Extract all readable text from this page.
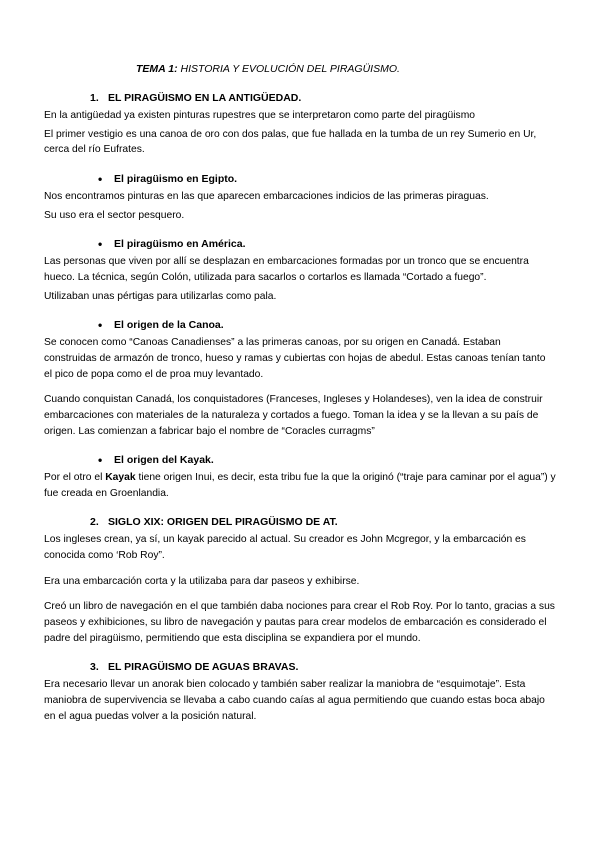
TEMA 1: HISTORIA Y EVOLUCIÓN DEL PIRAGÜISMO.
1. EL PIRAGÜISMO EN LA ANTIGÜEDAD.

En la antigüedad ya existen pinturas rupestres que se interpretaron como parte del piragüismo

El primer vestigio es una canoa de oro con dos palas, que fue hallada en la tumba de un rey Sumerio en Ur, cerca del río Eufrates.

• El piragüismo en Egipto.

Nos encontramos pinturas en las que aparecen embarcaciones indicios de las primeras piraguas.

Su uso era el sector pesquero.

• El piragüismo en América.

Las personas que viven por allí se desplazan en embarcaciones formadas por un tronco que se encuentra hueco. La técnica, según Colón, utilizada para sacarlos o cortarlos es llamada “Cortado a fuego”.

Utilizaban unas pértigas para utilizarlas como pala.

• El origen de la Canoa.

Se conocen como “Canoas Canadienses” a las primeras canoas, por su origen en Canadá. Estaban construidas de armazón de tronco, hueso y ramas y cubiertas con hojas de abedul. Estas canoas tenían tanto el pico de popa como el de proa muy levantado.

Cuando conquistan Canadá, los conquistadores (Franceses, Ingleses y Holandeses), ven la idea de construir embarcaciones con materiales de la naturaleza y cortados a fuego. Toman la idea y se la llevan a su país de origen. Las comienzan a fabricar bajo el nombre de “Coracles curragms”

• El origen del Kayak.

Por el otro el Kayak tiene origen Inui, es decir, esta tribu fue la que la originó (“traje para caminar por el agua”) y fue creada en Groenlandia.

2. SIGLO XIX: ORIGEN DEL PIRAGÜISMO DE AT.

Los ingleses crean, ya sí, un kayak parecido al actual. Su creador es John Mcgregor, y la embarcación es conocida como ‘Rob Roy”.

Era una embarcación corta y la utilizaba para dar paseos y exhibirse.

Creó un libro de navegación en el que también daba nociones para crear el Rob Roy. Por lo tanto, gracias a sus paseos y exhibiciones, su libro de navegación y pautas para crear modelos de embarcación es considerado el padre del piragüismo, permitiendo que esta disciplina se expandiera por el mundo.

3. EL PIRAGÜISMO DE AGUAS BRAVAS.

Era necesario llevar un anorak bien colocado y también saber realizar la maniobra de “esquimotaje”. Esta maniobra de supervivencia se llevaba a cabo cuando caías al agua permitiendo que cuando estas boca abajo en el agua puedas volver a la posición natural.
